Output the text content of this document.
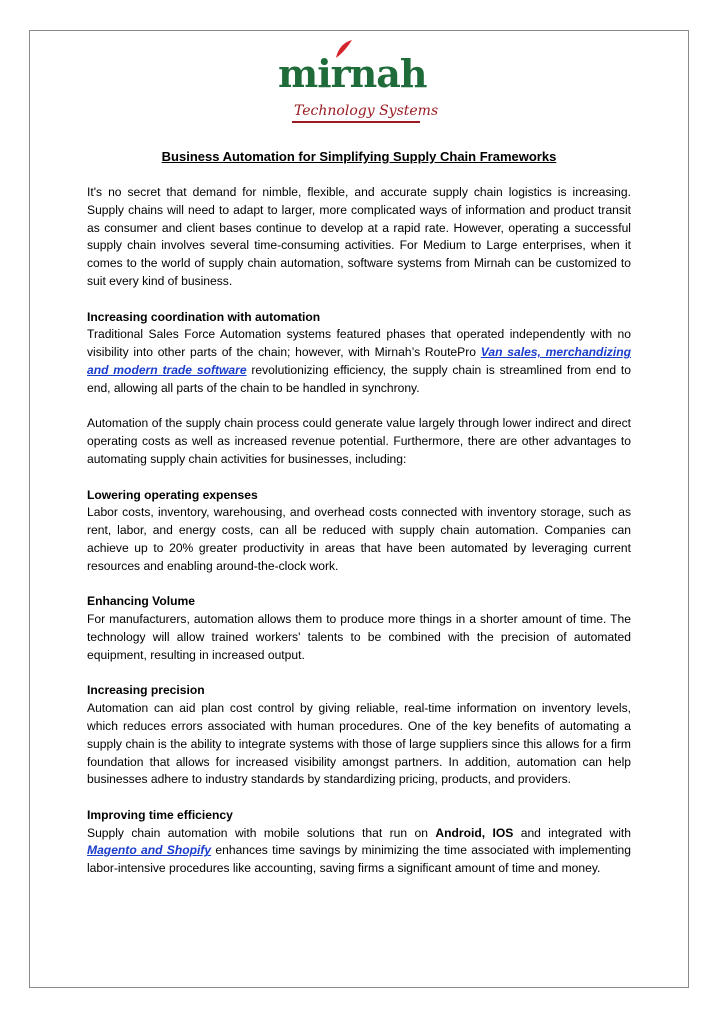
mirnah
Technology Systems
Business Automation for Simplifying Supply Chain Frameworks

It's no secret that demand for nimble, flexible, and accurate supply chain logistics is increasing. Supply chains will need to adapt to larger, more complicated ways of information and product transit as consumer and client bases continue to develop at a rapid rate. However, operating a successful supply chain involves several time-consuming activities. For Medium to Large enterprises, when it comes to the world of supply chain automation, software systems from Mirnah can be customized to suit every kind of business.

Increasing coordination with automation

Traditional Sales Force Automation systems featured phases that operated independently with no visibility into other parts of the chain; however, with Mirnah’s RoutePro Van sales, merchandizing and modern trade software revolutionizing efficiency, the supply chain is streamlined from end to end, allowing all parts of the chain to be handled in synchrony.

Automation of the supply chain process could generate value largely through lower indirect and direct operating costs as well as increased revenue potential. Furthermore, there are other advantages to automating supply chain activities for businesses, including:

Lowering operating expenses

Labor costs, inventory, warehousing, and overhead costs connected with inventory storage, such as rent, labor, and energy costs, can all be reduced with supply chain automation. Companies can achieve up to 20% greater productivity in areas that have been automated by leveraging current resources and enabling around-the-clock work.

Enhancing Volume

For manufacturers, automation allows them to produce more things in a shorter amount of time. The technology will allow trained workers' talents to be combined with the precision of automated equipment, resulting in increased output.

Increasing precision

Automation can aid plan cost control by giving reliable, real-time information on inventory levels, which reduces errors associated with human procedures. One of the key benefits of automating a supply chain is the ability to integrate systems with those of large suppliers since this allows for a firm foundation that allows for increased visibility amongst partners. In addition, automation can help businesses adhere to industry standards by standardizing pricing, products, and providers.

Improving time efficiency

Supply chain automation with mobile solutions that run on Android, IOS and integrated with Magento and Shopify enhances time savings by minimizing the time associated with implementing labor-intensive procedures like accounting, saving firms a significant amount of time and money.
